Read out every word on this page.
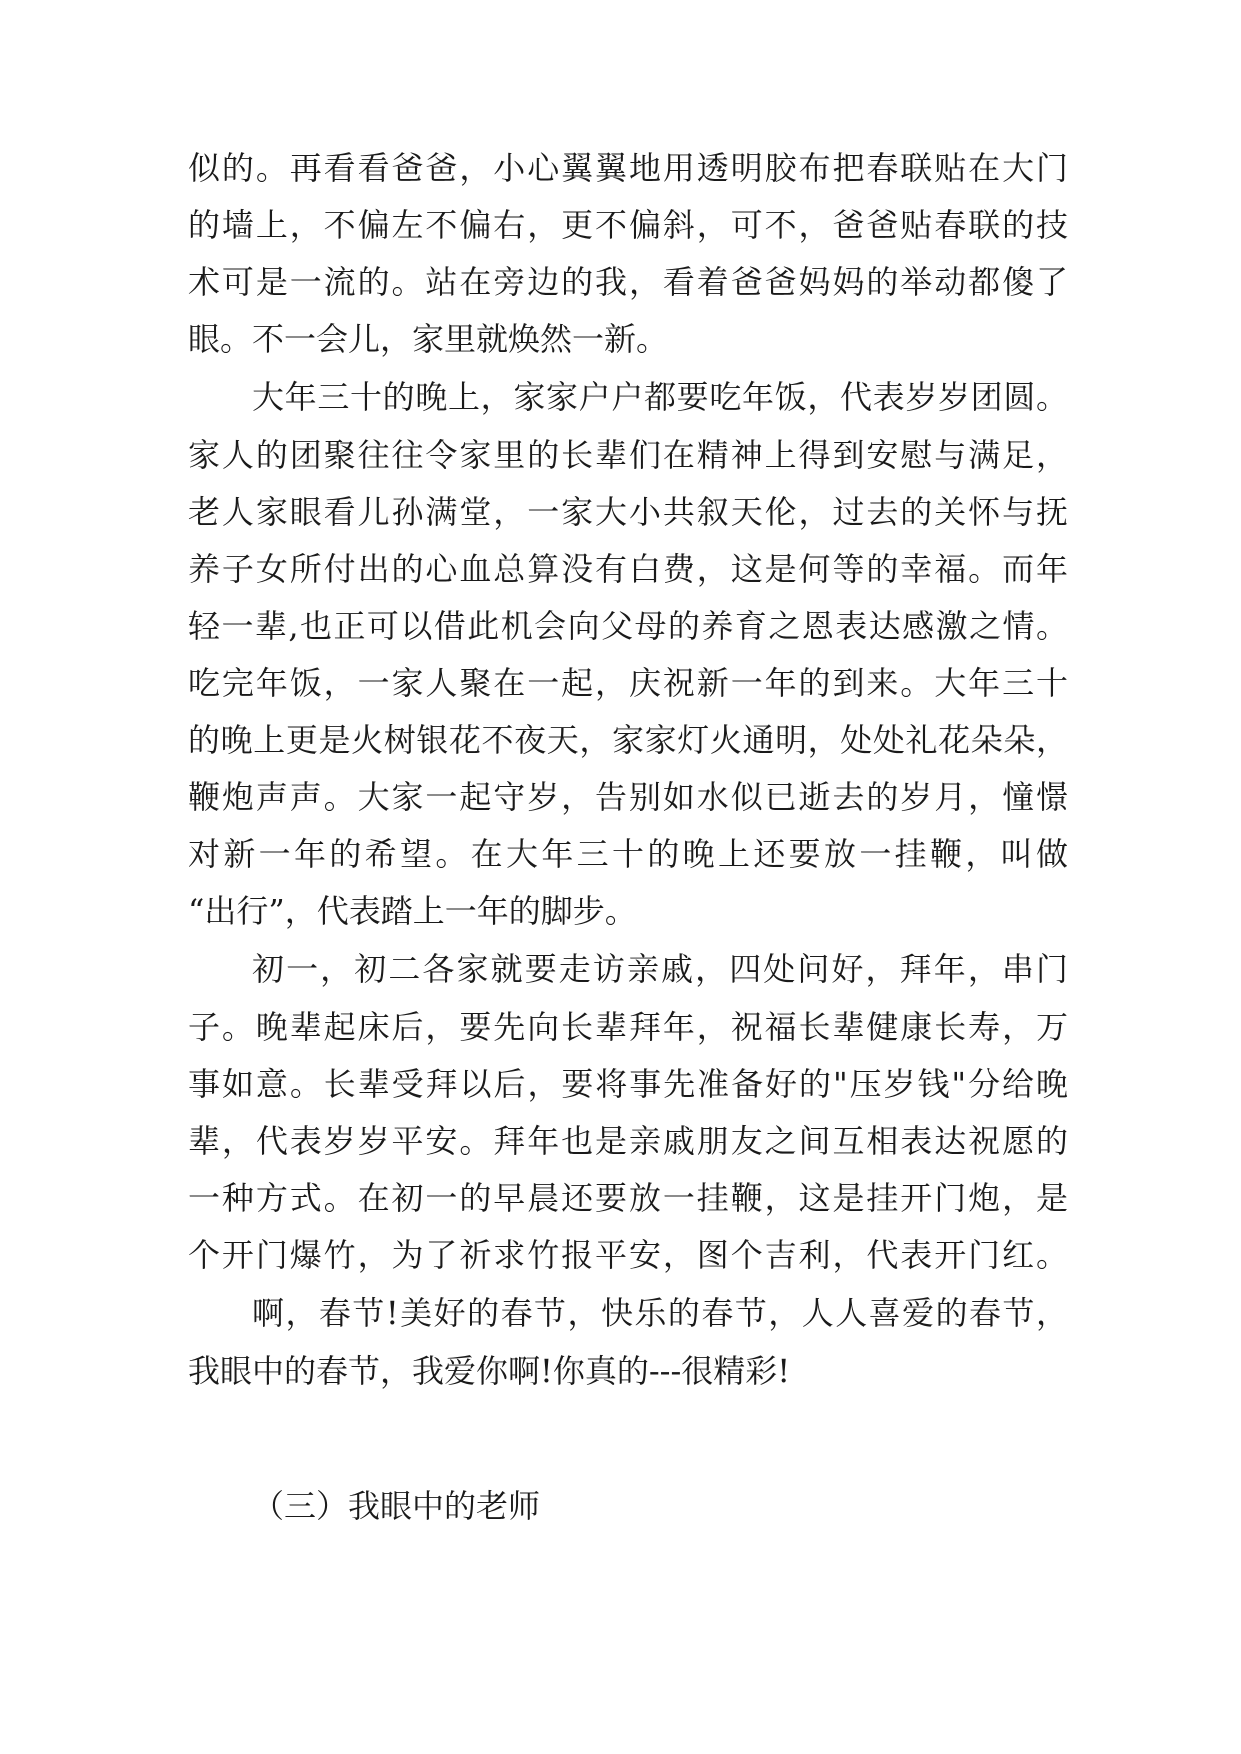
似的。再看看爸爸，小心翼翼地用透明胶布把春联贴在大门
的墙上，不偏左不偏右，更不偏斜，可不，爸爸贴春联的技
术可是一流的。站在旁边的我，看着爸爸妈妈的举动都傻了
眼。不一会儿，家里就焕然一新。
大年三十的晚上，家家户户都要吃年饭，代表岁岁团圆。
家人的团聚往往令家里的长辈们在精神上得到安慰与满足，
老人家眼看儿孙满堂，一家大小共叙天伦，过去的关怀与抚
养子女所付出的心血总算没有白费，这是何等的幸福。而年
轻一辈,也正可以借此机会向父母的养育之恩表达感激之情。
吃完年饭，一家人聚在一起，庆祝新一年的到来。大年三十
的晚上更是火树银花不夜天，家家灯火通明，处处礼花朵朵，
鞭炮声声。大家一起守岁，告别如水似已逝去的岁月，憧憬
对新一年的希望。在大年三十的晚上还要放一挂鞭，叫做
“出行”，代表踏上一年的脚步。
初一，初二各家就要走访亲戚，四处问好，拜年，串门
子。晚辈起床后，要先向长辈拜年，祝福长辈健康长寿，万
事如意。长辈受拜以后，要将事先准备好的"压岁钱"分给晚
辈，代表岁岁平安。拜年也是亲戚朋友之间互相表达祝愿的
一种方式。在初一的早晨还要放一挂鞭，这是挂开门炮，是
个开门爆竹，为了祈求竹报平安，图个吉利，代表开门红。
啊，春节!美好的春节，快乐的春节，人人喜爱的春节，
我眼中的春节，我爱你啊!你真的---很精彩!
（三）我眼中的老师
